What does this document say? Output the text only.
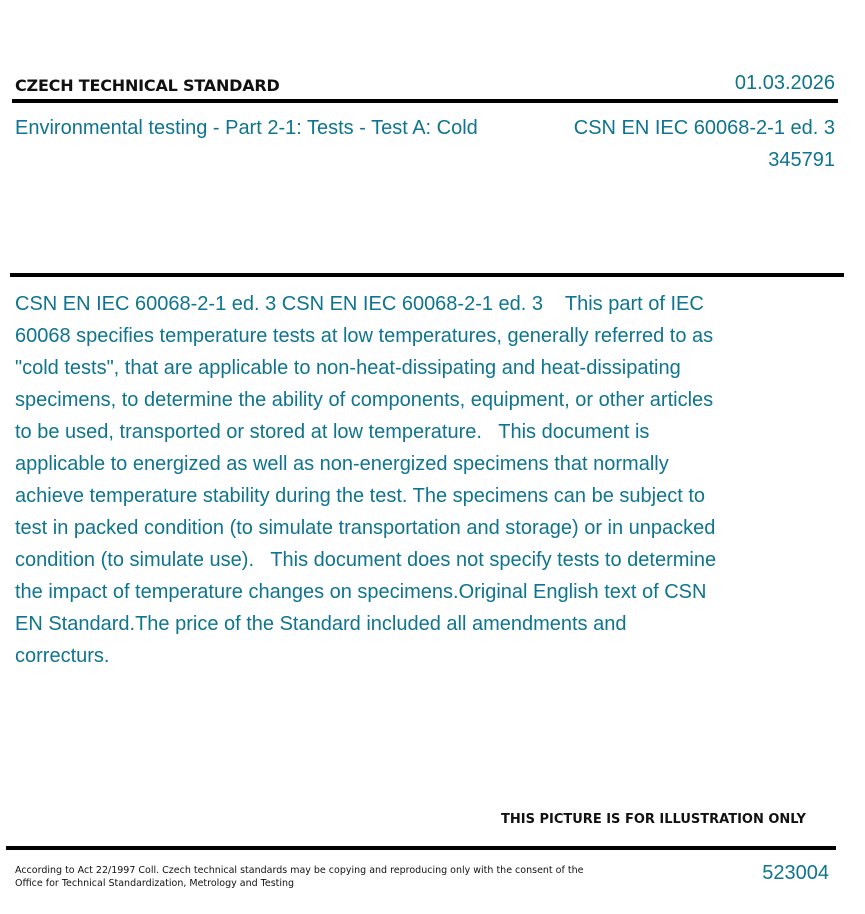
CZECH TECHNICAL STANDARD	01.03.2026
Environmental testing - Part 2-1: Tests - Test A: Cold	CSN EN IEC 60068-2-1 ed. 3
345791

CSN EN IEC 60068-2-1 ed. 3 CSN EN IEC 60068-2-1 ed. 3    This part of IEC 60068 specifies temperature tests at low temperatures, generally referred to as "cold tests", that are applicable to non-heat-dissipating and heat-dissipating specimens, to determine the ability of components, equipment, or other articles to be used, transported or stored at low temperature.   This document is applicable to energized as well as non-energized specimens that normally achieve temperature stability during the test. The specimens can be subject to test in packed condition (to simulate transportation and storage) or in unpacked condition (to simulate use).   This document does not specify tests to determine the impact of temperature changes on specimens.Original English text of CSN EN Standard.The price of the Standard included all amendments and correcturs.

THIS PICTURE IS FOR ILLUSTRATION ONLY
According to Act 22/1997 Coll. Czech technical standards may be copying and reproducing only with the consent of the Office for Technical Standardization, Metrology and Testing	523004
